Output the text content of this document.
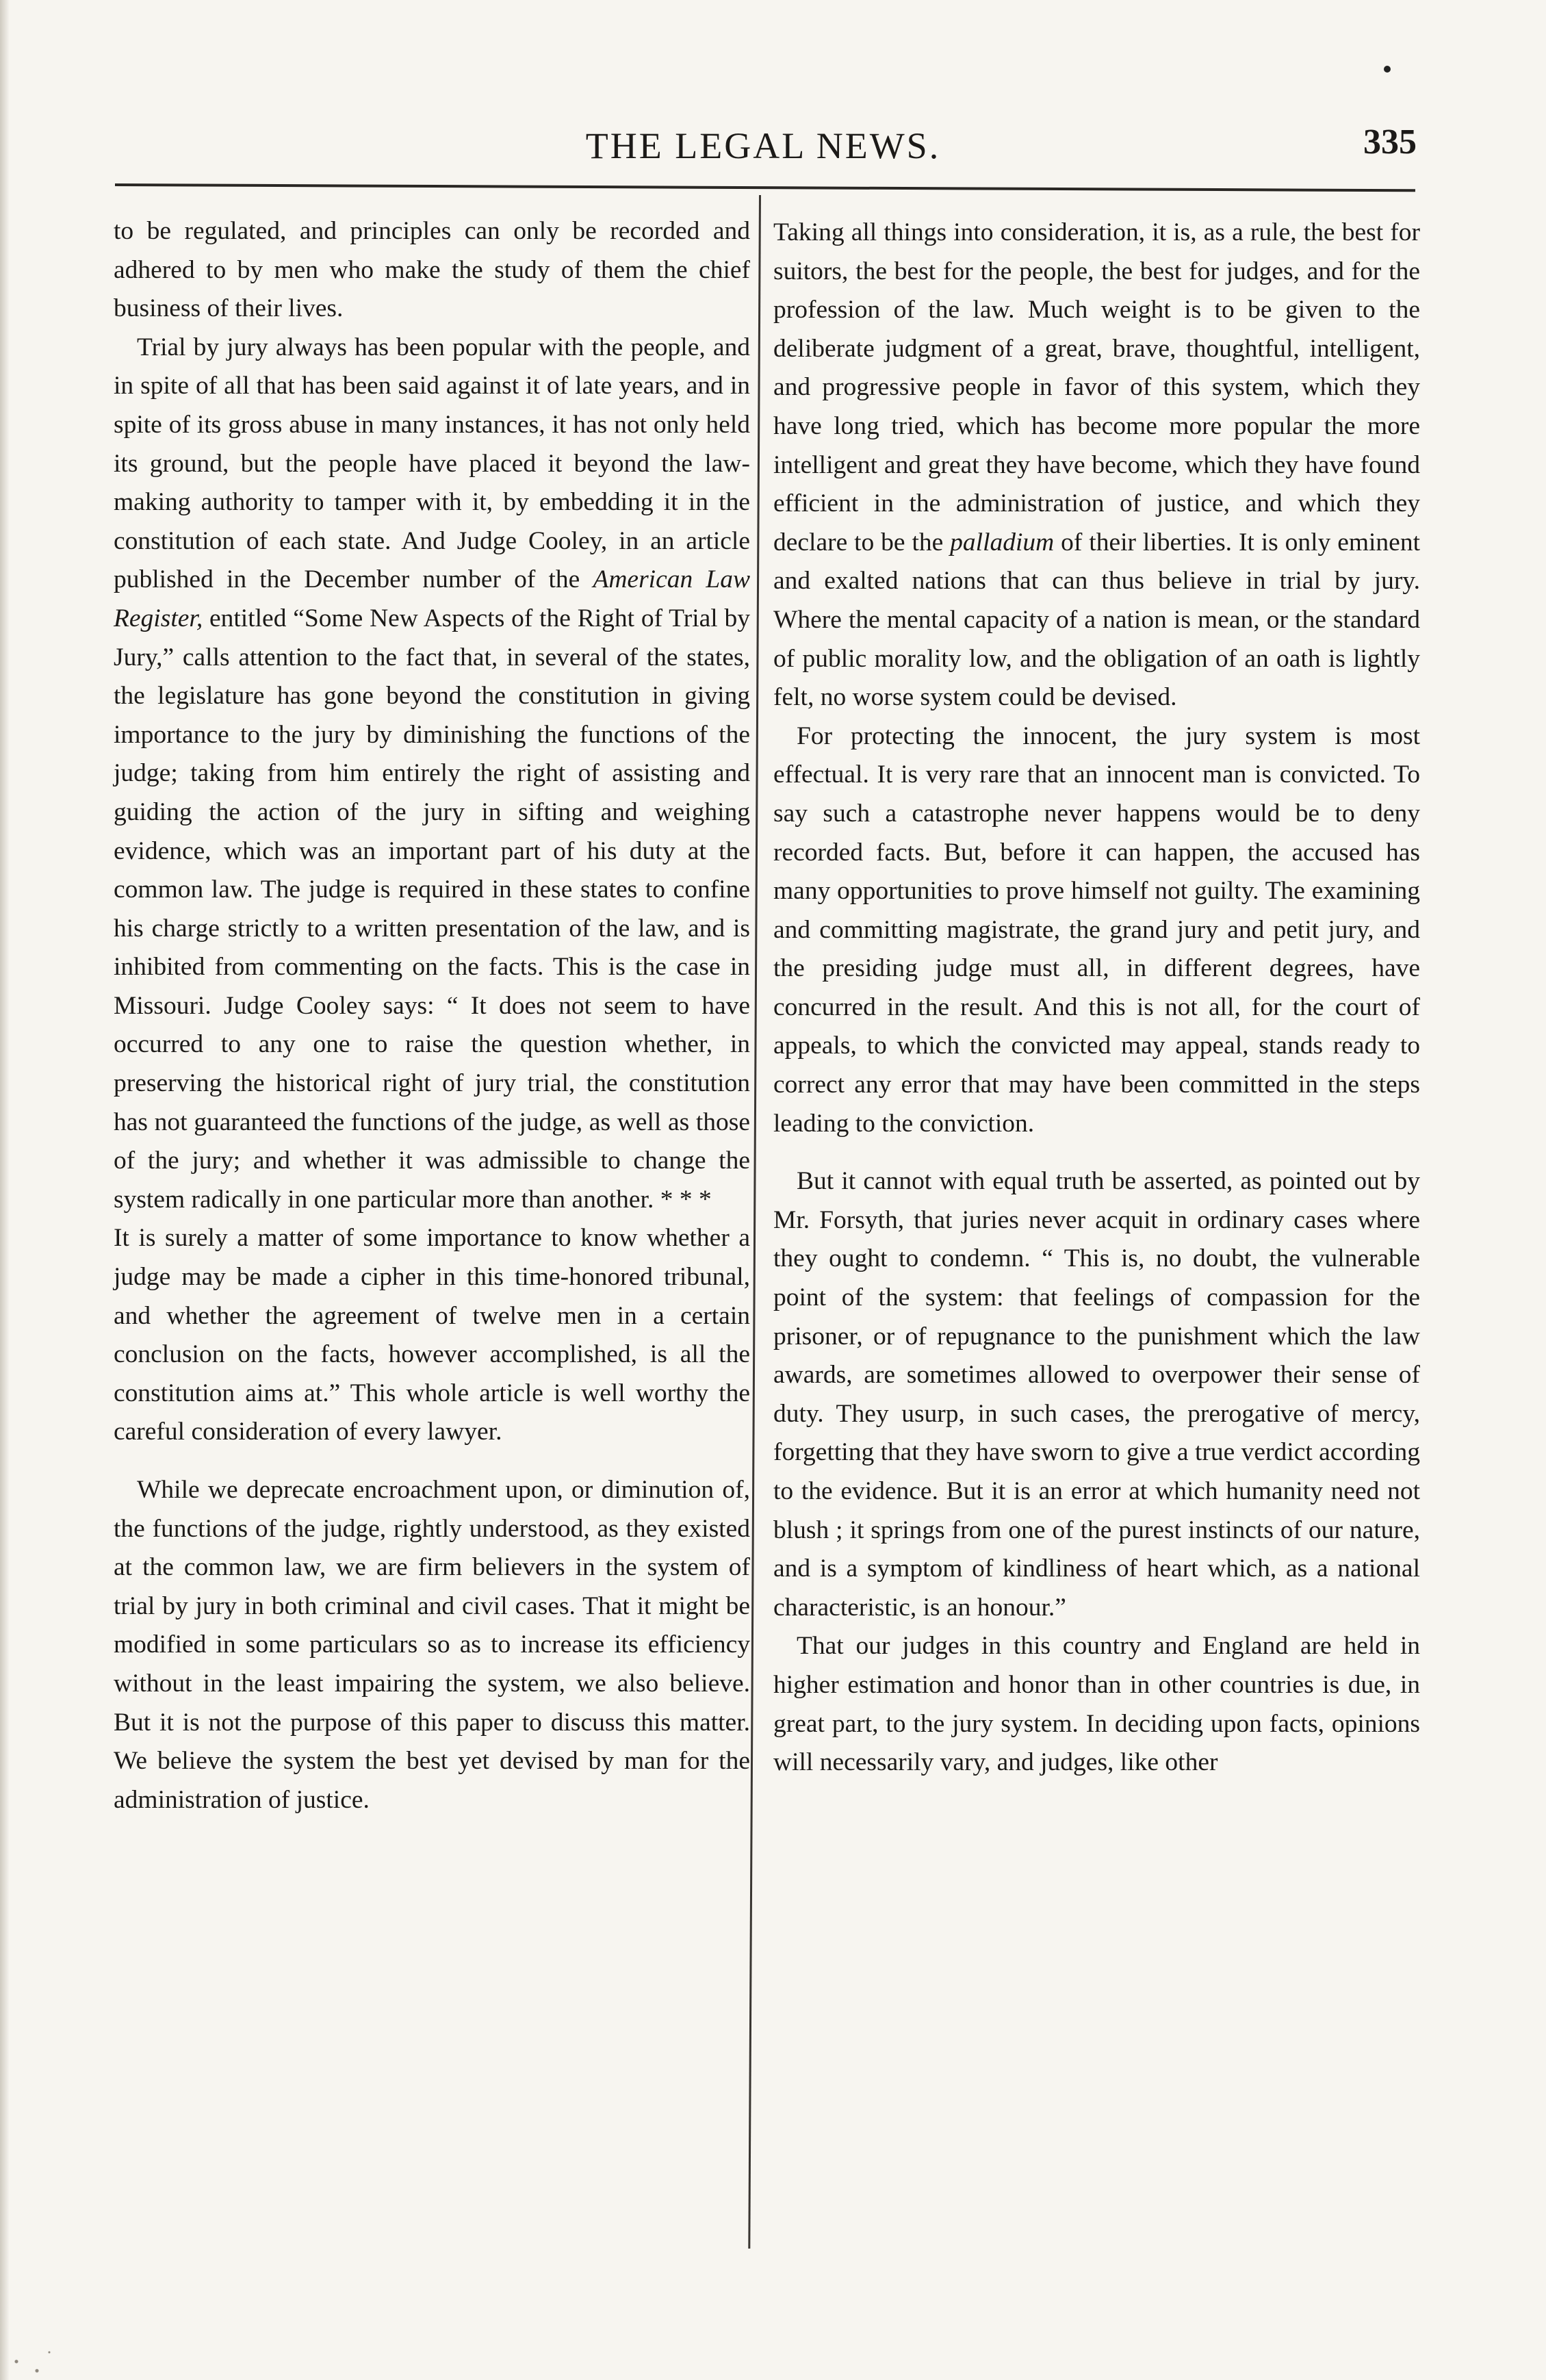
THE LEGAL NEWS.	335

to be regulated, and principles can only be recorded and adhered to by men who make the study of them the chief business of their lives.

Trial by jury always has been popular with the people, and in spite of all that has been said against it of late years, and in spite of its gross abuse in many instances, it has not only held its ground, but the people have placed it beyond the law-making authority to tamper with it, by embedding it in the constitution of each state. And Judge Cooley, in an article published in the December number of the American Law Register, entitled “Some New Aspects of the Right of Trial by Jury,” calls attention to the fact that, in several of the states, the legislature has gone beyond the constitution in giving importance to the jury by diminishing the functions of the judge; taking from him entirely the right of assisting and guiding the action of the jury in sifting and weighing evidence, which was an important part of his duty at the common law. The judge is required in these states to confine his charge strictly to a written presentation of the law, and is inhibited from commenting on the facts. This is the case in Missouri. Judge Cooley says: “ It does not seem to have occurred to any one to raise the question whether, in preserving the historical right of jury trial, the constitution has not guaranteed the functions of the judge, as well as those of the jury; and whether it was admissible to change the system radically in one particular more than another. * * *

It is surely a matter of some importance to know whether a judge may be made a cipher in this time-honored tribunal, and whether the agreement of twelve men in a certain conclusion on the facts, however accomplished, is all the constitution aims at.” This whole article is well worthy the careful consideration of every lawyer.

While we deprecate encroachment upon, or diminution of, the functions of the judge, rightly understood, as they existed at the common law, we are firm believers in the system of trial by jury in both criminal and civil cases. That it might be modified in some particulars so as to increase its efficiency without in the least impairing the system, we also believe. But it is not the purpose of this paper to discuss this matter. We believe the system the best yet devised by man for the administration of justice.

Taking all things into consideration, it is, as a rule, the best for suitors, the best for the people, the best for judges, and for the profession of the law. Much weight is to be given to the deliberate judgment of a great, brave, thoughtful, intelligent, and progressive people in favor of this system, which they have long tried, which has become more popular the more intelligent and great they have become, which they have found efficient in the administration of justice, and which they declare to be the palladium of their liberties. It is only eminent and exalted nations that can thus believe in trial by jury. Where the mental capacity of a nation is mean, or the standard of public morality low, and the obligation of an oath is lightly felt, no worse system could be devised.

For protecting the innocent, the jury system is most effectual. It is very rare that an innocent man is convicted. To say such a catastrophe never happens would be to deny recorded facts. But, before it can happen, the accused has many opportunities to prove himself not guilty. The examining and committing magistrate, the grand jury and petit jury, and the presiding judge must all, in different degrees, have concurred in the result. And this is not all, for the court of appeals, to which the convicted may appeal, stands ready to correct any error that may have been committed in the steps leading to the conviction.

But it cannot with equal truth be asserted, as pointed out by Mr. Forsyth, that juries never acquit in ordinary cases where they ought to condemn. “ This is, no doubt, the vulnerable point of the system: that feelings of compassion for the prisoner, or of repugnance to the punishment which the law awards, are sometimes allowed to overpower their sense of duty. They usurp, in such cases, the prerogative of mercy, forgetting that they have sworn to give a true verdict according to the evidence. But it is an error at which humanity need not blush ; it springs from one of the purest instincts of our nature, and is a symptom of kindliness of heart which, as a national characteristic, is an honour.”

That our judges in this country and England are held in higher estimation and honor than in other countries is due, in great part, to the jury system. In deciding upon facts, opinions will necessarily vary, and judges, like other
